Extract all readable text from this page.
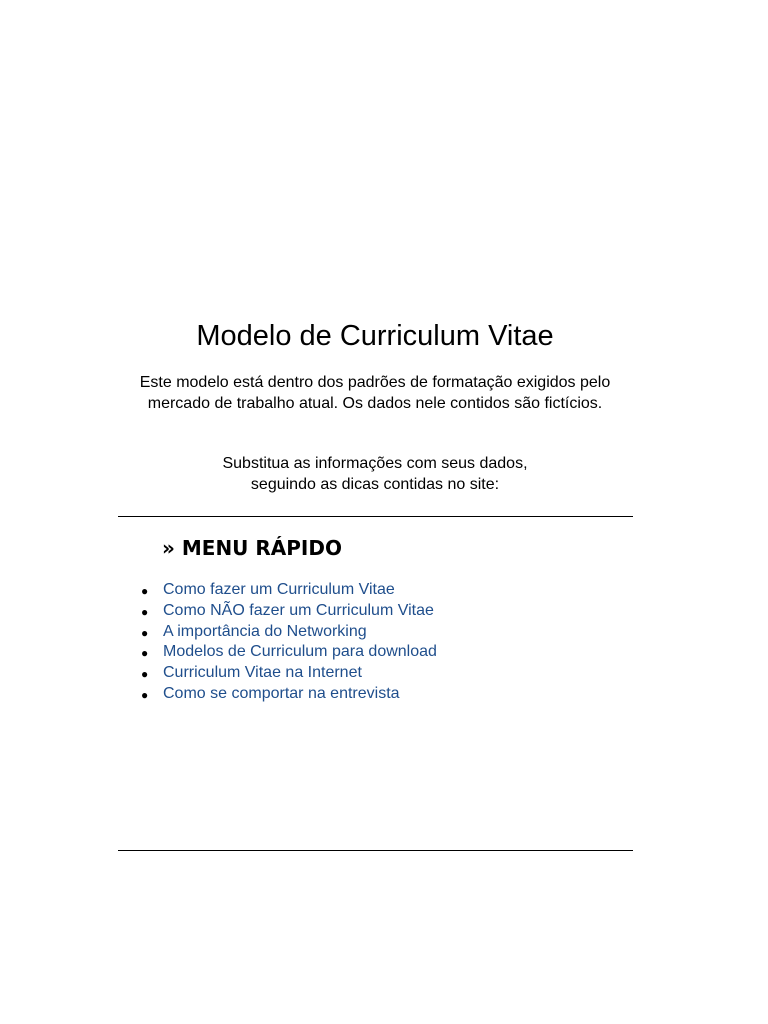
Modelo de Curriculum Vitae

Este modelo está dentro dos padrões de formatação exigidos pelo mercado de trabalho atual. Os dados nele contidos são fictícios.

Substitua as informações com seus dados,
seguindo as dicas contidas no site:

» MENU RÁPIDO
● Como fazer um Curriculum Vitae
● Como NÃO fazer um Curriculum Vitae
● A importância do Networking
● Modelos de Curriculum para download
● Curriculum Vitae na Internet
● Como se comportar na entrevista
